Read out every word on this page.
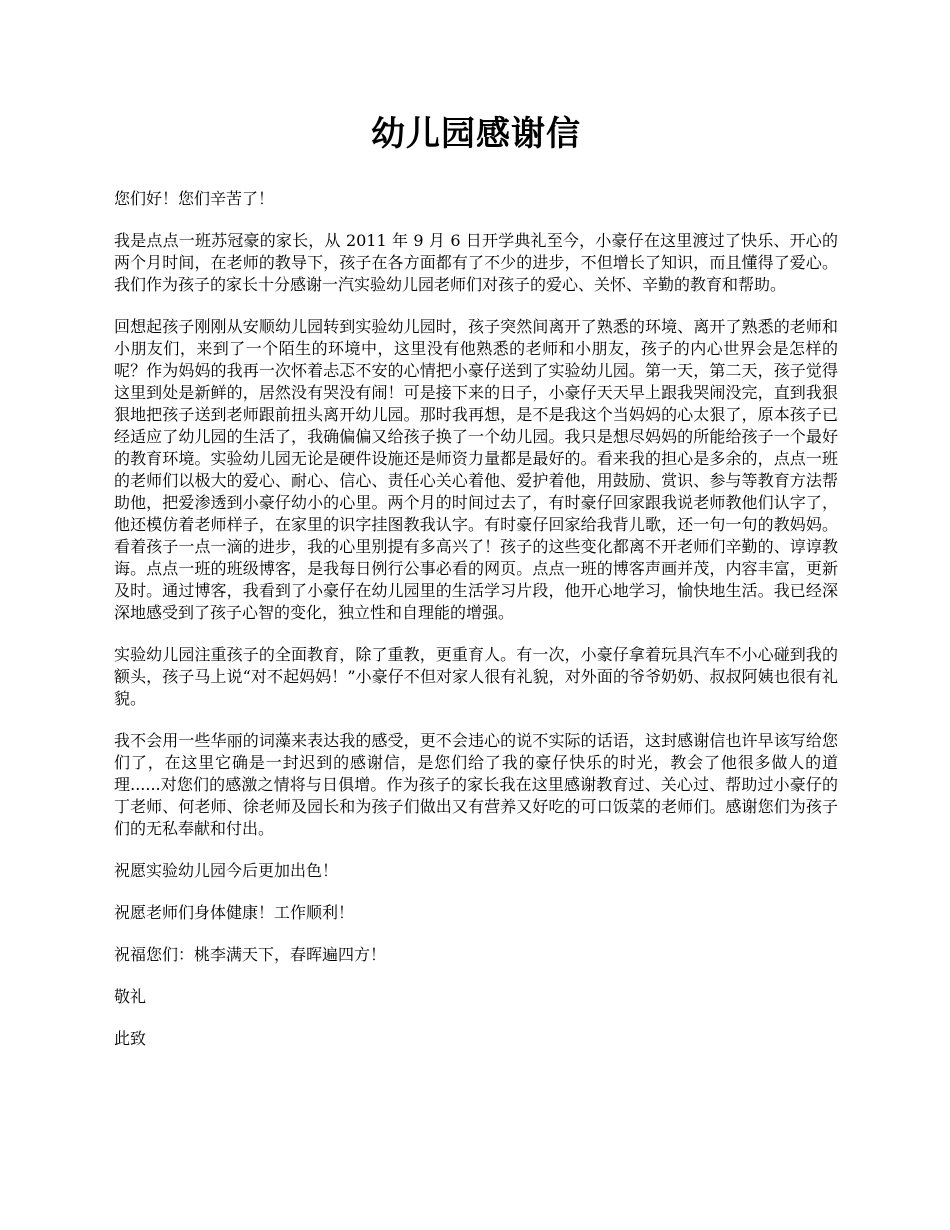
幼儿园感谢信

您们好！您们辛苦了！

我是点点一班苏冠豪的家长，从 2011 年 9 月 6 日开学典礼至今，小豪仔在这里渡过了快乐、开心的两个月时间，在老师的教导下，孩子在各方面都有了不少的进步，不但增长了知识，而且懂得了爱心。我们作为孩子的家长十分感谢一汽实验幼儿园老师们对孩子的爱心、关怀、辛勤的教育和帮助。

回想起孩子刚刚从安顺幼儿园转到实验幼儿园时，孩子突然间离开了熟悉的环境、离开了熟悉的老师和小朋友们，来到了一个陌生的环境中，这里没有他熟悉的老师和小朋友，孩子的内心世界会是怎样的呢？作为妈妈的我再一次怀着忐忑不安的心情把小豪仔送到了实验幼儿园。第一天，第二天，孩子觉得这里到处是新鲜的，居然没有哭没有闹！可是接下来的日子，小豪仔天天早上跟我哭闹没完，直到我狠狠地把孩子送到老师跟前扭头离开幼儿园。那时我再想，是不是我这个当妈妈的心太狠了，原本孩子已经适应了幼儿园的生活了，我确偏偏又给孩子换了一个幼儿园。我只是想尽妈妈的所能给孩子一个最好的教育环境。实验幼儿园无论是硬件设施还是师资力量都是最好的。看来我的担心是多余的，点点一班的老师们以极大的爱心、耐心、信心、责任心关心着他、爱护着他，用鼓励、赏识、参与等教育方法帮助他，把爱渗透到小豪仔幼小的心里。两个月的时间过去了，有时豪仔回家跟我说老师教他们认字了，他还模仿着老师样子，在家里的识字挂图教我认字。有时豪仔回家给我背儿歌，还一句一句的教妈妈。看着孩子一点一滴的进步，我的心里别提有多高兴了！孩子的这些变化都离不开老师们辛勤的、谆谆教诲。点点一班的班级博客，是我每日例行公事必看的网页。点点一班的博客声画并茂，内容丰富，更新及时。通过博客，我看到了小豪仔在幼儿园里的生活学习片段，他开心地学习，愉快地生活。我已经深深地感受到了孩子心智的变化，独立性和自理能的增强。

实验幼儿园注重孩子的全面教育，除了重教，更重育人。有一次，小豪仔拿着玩具汽车不小心碰到我的额头，孩子马上说“对不起妈妈！”小豪仔不但对家人很有礼貌，对外面的爷爷奶奶、叔叔阿姨也很有礼貌。

我不会用一些华丽的词藻来表达我的感受，更不会违心的说不实际的话语，这封感谢信也许早该写给您们了，在这里它确是一封迟到的感谢信，是您们给了我的豪仔快乐的时光，教会了他很多做人的道理......对您们的感激之情将与日俱增。作为孩子的家长我在这里感谢教育过、关心过、帮助过小豪仔的丁老师、何老师、徐老师及园长和为孩子们做出又有营养又好吃的可口饭菜的老师们。感谢您们为孩子们的无私奉献和付出。

祝愿实验幼儿园今后更加出色！

祝愿老师们身体健康！工作顺利！

祝福您们：桃李满天下，春晖遍四方！

敬礼

此致
